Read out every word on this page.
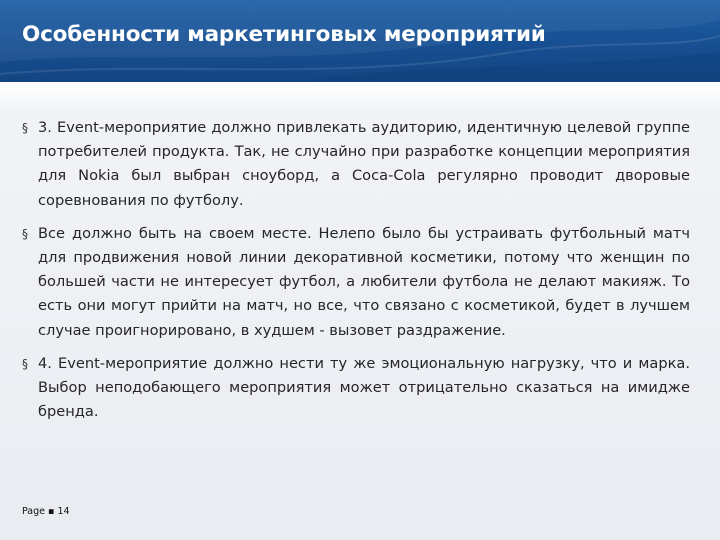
Особенности маркетинговых мероприятий
§ 3. Event-мероприятие должно привлекать аудиторию, идентичную целевой группе потребителей продукта. Так, не случайно при разработке концепции мероприятия для Nokia был выбран сноуборд, а Coca-Cola регулярно проводит дворовые соревнования по футболу.
§ Все должно быть на своем месте. Нелепо было бы устраивать футбольный матч для продвижения новой линии декоративной косметики, потому что женщин по большей части не интересует футбол, а любители футбола не делают макияж. То есть они могут прийти на матч, но все, что связано с косметикой, будет в лучшем случае проигнорировано, в худшем - вызовет раздражение.
§ 4. Event-мероприятие должно нести ту же эмоциональную нагрузку, что и марка. Выбор неподобающего мероприятия может отрицательно сказаться на имидже бренда.
Page ▪ 14
